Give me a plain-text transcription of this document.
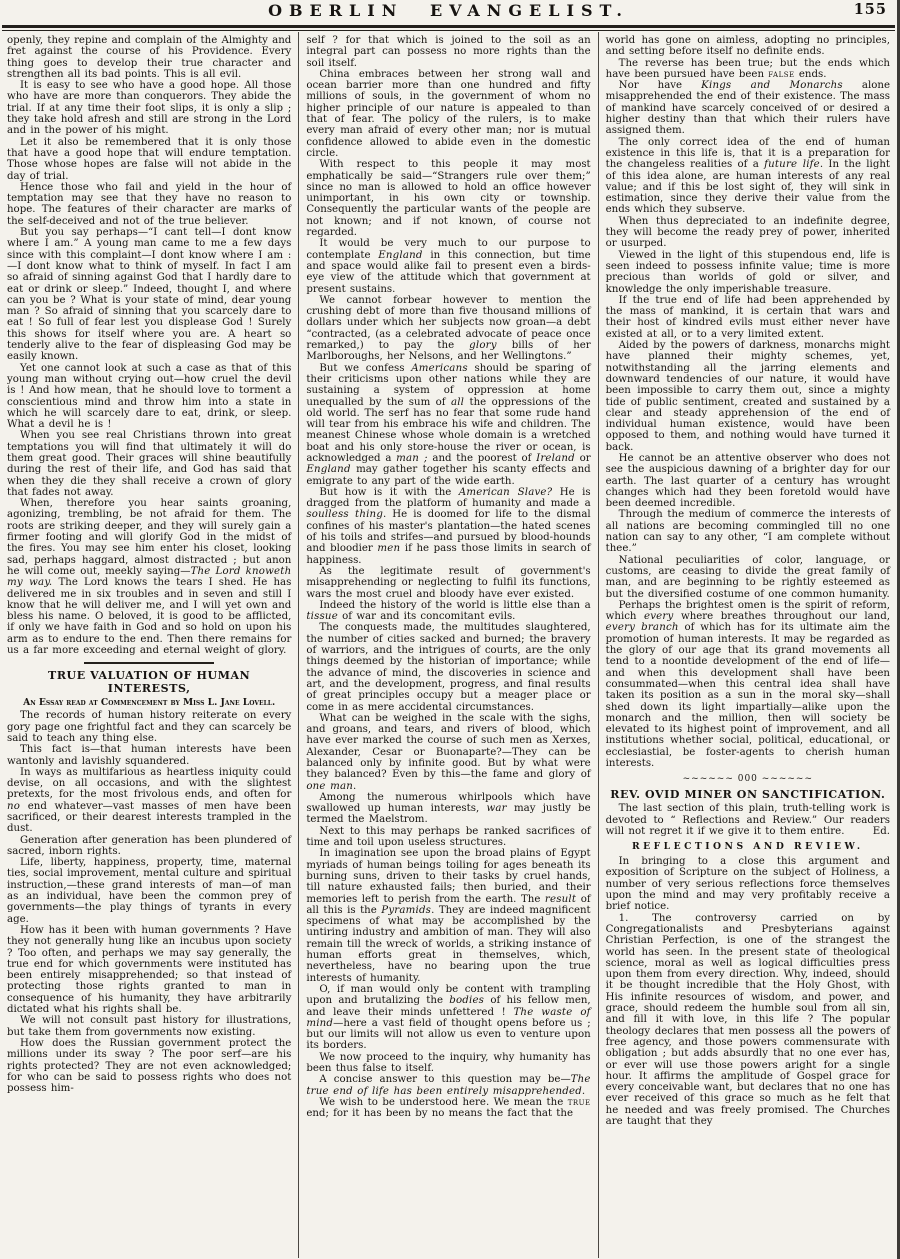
OBERLIN EVANGELIST.	155
openly, they repine and complain of the Almighty and fret against the course of his Providence. Every thing goes to develop their true character and strengthen all its bad points. This is all evil.
It is easy to see who have a good hope. All those who have are more than conquerors. They abide the trial. If at any time their foot slips, it is only a slip ; they take hold afresh and still are strong in the Lord and in the power of his might.
Let it also be remembered that it is only those that have a good hope that will endure temptation. Those whose hopes are false will not abide in the day of trial.
Hence those who fail and yield in the hour of temptation may see that they have no reason to hope. The features of their character are marks of the self-deceived and not of the true believer.
But you say perhaps—“I cant tell—I dont know where I am.” A young man came to me a few days since with this complaint—I dont know where I am :—I dont know what to think of myself. In fact I am so afraid of sinning against God that I hardly dare to eat or drink or sleep.” Indeed, thought I, and where can you be ? What is your state of mind, dear young man ? So afraid of sinning that you scarcely dare to eat ! So full of fear lest you displease God ! Surely this shows for itself where you are. A heart so tenderly alive to the fear of displeasing God may be easily known.
Yet one cannot look at such a case as that of this young man without crying out—how cruel the devil is ! And how mean, that he should love to torment a conscientious mind and throw him into a state in which he will scarcely dare to eat, drink, or sleep. What a devil he is !
When you see real Christians thrown into great temptations you will find that ultimately it will do them great good. Their graces will shine beautifully during the rest of their life, and God has said that when they die they shall receive a crown of glory that fades not away.
When, therefore you hear saints groaning, agonizing, trembling, be not afraid for them. The roots are striking deeper, and they will surely gain a firmer footing and will glorify God in the midst of the fires. You may see him enter his closet, looking sad, perhaps haggard, almost distracted ; but anon he will come out, meekly saying—The Lord knoweth my way. The Lord knows the tears I shed. He has delivered me in six troubles and in seven and still I know that he will deliver me, and I will yet own and bless his name. O beloved, it is good to be afflicted, if only we have faith in God and so hold on upon his arm as to endure to the end. Then there remains for us a far more exceeding and eternal weight of glory.
TRUE VALUATION OF HUMAN INTERESTS,
An Essay read at Commencement by Miss L. Jane Lovell.
The records of human history reiterate on every gory page one frightful fact and they can scarcely be said to teach any thing else.
This fact is—that human interests have been wantonly and lavishly squandered.
In ways as multifarious as heartless iniquity could devise, on all occasions, and with the slightest pretexts, for the most frivolous ends, and often for no end whatever—vast masses of men have been sacrificed, or their dearest interests trampled in the dust.
Generation after generation has been plundered of sacred, inborn rights.
Life, liberty, happiness, property, time, maternal ties, social improvement, mental culture and spiritual instruction,—these grand interests of man—of man as an individual, have been the common prey of governments—the play things of tyrants in every age.
How has it been with human governments ? Have they not generally hung like an incubus upon society ? Too often, and perhaps we may say generally, the true end for which governments were instituted has been entirely misapprehended; so that instead of protecting those rights granted to man in consequence of his humanity, they have arbitrarily dictated what his rights shall be.
We will not consult past history for illustrations, but take them from governments now existing.
How does the Russian government protect the millions under its sway ? The poor serf—are his rights protected? They are not even acknowledged; for who can be said to possess rights who does not possess him-
self ? for that which is joined to the soil as an integral part can possess no more rights than the soil itself.
China embraces between her strong wall and ocean barrier more than one hundred and fifty millions of souls, in the government of whom no higher principle of our nature is appealed to than that of fear. The policy of the rulers, is to make every man afraid of every other man; nor is mutual confidence allowed to abide even in the domestic circle.
With respect to this people it may most emphatically be said—“Strangers rule over them;” since no man is allowed to hold an office however unimportant, in his own city or township. Consequently the particular wants of the people are not known; and if not known, of course not regarded.
It would be very much to our purpose to contemplate England in this connection, but time and space would alike fail to present even a birds-eye view of the attitude which that government at present sustains.
We cannot forbear however to mention the crushing debt of more than five thousand millions of dollars under which her subjects now groan—a debt “contracted, (as a celebrated advocate of peace once remarked,) to pay the glory bills of her Marlboroughs, her Nelsons, and her Wellingtons.”
But we confess Americans should be sparing of their criticisms upon other nations while they are sustaining a system of oppression at home unequalled by the sum of all the oppressions of the old world. The serf has no fear that some rude hand will tear from his embrace his wife and children. The meanest Chinese whose whole domain is a wretched boat and his only store-house the river or ocean, is acknowledged a man ; and the poorest of Ireland or England may gather together his scanty effects and emigrate to any part of the wide earth.
But how is it with the American Slave? He is dragged from the platform of humanity and made a soulless thing. He is doomed for life to the dismal confines of his master's plantation—the hated scenes of his toils and strifes—and pursued by blood-hounds and bloodier men if he pass those limits in search of happiness.
As the legitimate result of government's misapprehending or neglecting to fulfil its functions, wars the most cruel and bloody have ever existed.
Indeed the history of the world is little else than a tissue of war and its concomitant evils.
The conquests made, the multitudes slaughtered, the number of cities sacked and burned; the bravery of warriors, and the intrigues of courts, are the only things deemed by the historian of importance; while the advance of mind, the discoveries in science and art, and the development, progress, and final results of great principles occupy but a meager place or come in as mere accidental circumstances.
What can be weighed in the scale with the sighs, and groans, and tears, and rivers of blood, which have ever marked the course of such men as Xerxes, Alexander, Cesar or Buonaparte?—They can be balanced only by infinite good. But by what were they balanced? Even by this—the fame and glory of one man.
Among the numerous whirlpools which have swallowed up human interests, war may justly be termed the Maelstrom.
Next to this may perhaps be ranked sacrifices of time and toil upon useless structures.
In imagination see upon the broad plains of Egypt myriads of human beings toiling for ages beneath its burning suns, driven to their tasks by cruel hands, till nature exhausted fails; then buried, and their memories left to perish from the earth. The result of all this is the Pyramids. They are indeed magnificent specimens of what may be accomplished by the untiring industry and ambition of man. They will also remain till the wreck of worlds, a striking instance of human efforts great in themselves, which, nevertheless, have no bearing upon the true interests of humanity.
O, if man would only be content with trampling upon and brutalizing the bodies of his fellow men, and leave their minds unfettered ! The waste of mind—here a vast field of thought opens before us ; but our limits will not allow us even to venture upon its borders.
We now proceed to the inquiry, why humanity has been thus false to itself.
A concise answer to this question may be—The true end of life has been entirely misapprehended.
We wish to be understood here. We mean the true end; for it has been by no means the fact that the
world has gone on aimless, adopting no principles, and setting before itself no definite ends.
The reverse has been true; but the ends which have been pursued have been false ends.
Nor have Kings and Monarchs alone misapprehended the end of their existence. The mass of mankind have scarcely conceived of or desired a higher destiny than that which their rulers have assigned them.
The only correct idea of the end of human existence in this life is, that it is a preparation for the changeless realities of a future life. In the light of this idea alone, are human interests of any real value; and if this be lost sight of, they will sink in estimation, since they derive their value from the ends which they subserve.
When thus depreciated to an indefinite degree, they will become the ready prey of power, inherited or usurped.
Viewed in the light of this stupendous end, life is seen indeed to possess infinite value; time is more precious than worlds of gold or silver, and knowledge the only imperishable treasure.
If the true end of life had been apprehended by the mass of mankind, it is certain that wars and their host of kindred evils must either never have existed at all, or to a very limited extent.
Aided by the powers of darkness, monarchs might have planned their mighty schemes, yet, notwithstanding all the jarring elements and downward tendencies of our nature, it would have been impossible to carry them out, since a mighty tide of public sentiment, created and sustained by a clear and steady apprehension of the end of individual human existence, would have been opposed to them, and nothing would have turned it back.
He cannot be an attentive observer who does not see the auspicious dawning of a brighter day for our earth. The last quarter of a century has wrought changes which had they been foretold would have been deemed incredible.
Through the medium of commerce the interests of all nations are becoming commingled till no one nation can say to any other, “I am complete without thee.”
National peculiarities of color, language, or customs, are ceasing to divide the great family of man, and are beginning to be rightly esteemed as but the diversified costume of one common humanity.
Perhaps the brightest omen is the spirit of reform, which every where breathes throughout our land, every branch of which has for its ultimate aim the promotion of human interests. It may be regarded as the glory of our age that its grand movements all tend to a noontide development of the end of life—and when this development shall have been consummated—when this central idea shall have taken its position as a sun in the moral sky—shall shed down its light impartially—alike upon the monarch and the million, then will society be elevated to its highest point of improvement, and all institutions whether social, political, educational, or ecclesiastial, be foster-agents to cherish human interests.
~~~~~~ 000 ~~~~~~
REV. OVID MINER ON SANCTIFICATION.
The last section of this plain, truth-telling work is devoted to “ Reflections and Review.” Our readers will not regret it if we give it to them entire.	Ed.
REFLECTIONS AND REVIEW.
In bringing to a close this argument and exposition of Scripture on the subject of Holiness, a number of very serious reflections force themselves upon the mind and may very profitably receive a brief notice.
1. The controversy carried on by Congregationalists and Presbyterians against Christian Perfection, is one of the strangest the world has seen. In the present state of theological science, moral as well as logical difficulties press upon them from every direction. Why, indeed, should it be thought incredible that the Holy Ghost, with His infinite resources of wisdom, and power, and grace, should redeem the humble soul from all sin, and fill it with love, in this life ? The popular theology declares that men possess all the powers of free agency, and those powers commensurate with obligation ; but adds absurdly that no one ever has, or ever will use those powers aright for a single hour. It affirms the amplitude of Gospel grace for every conceivable want, but declares that no one has ever received of this grace so much as he felt that he needed and was freely promised. The Churches are taught that they
